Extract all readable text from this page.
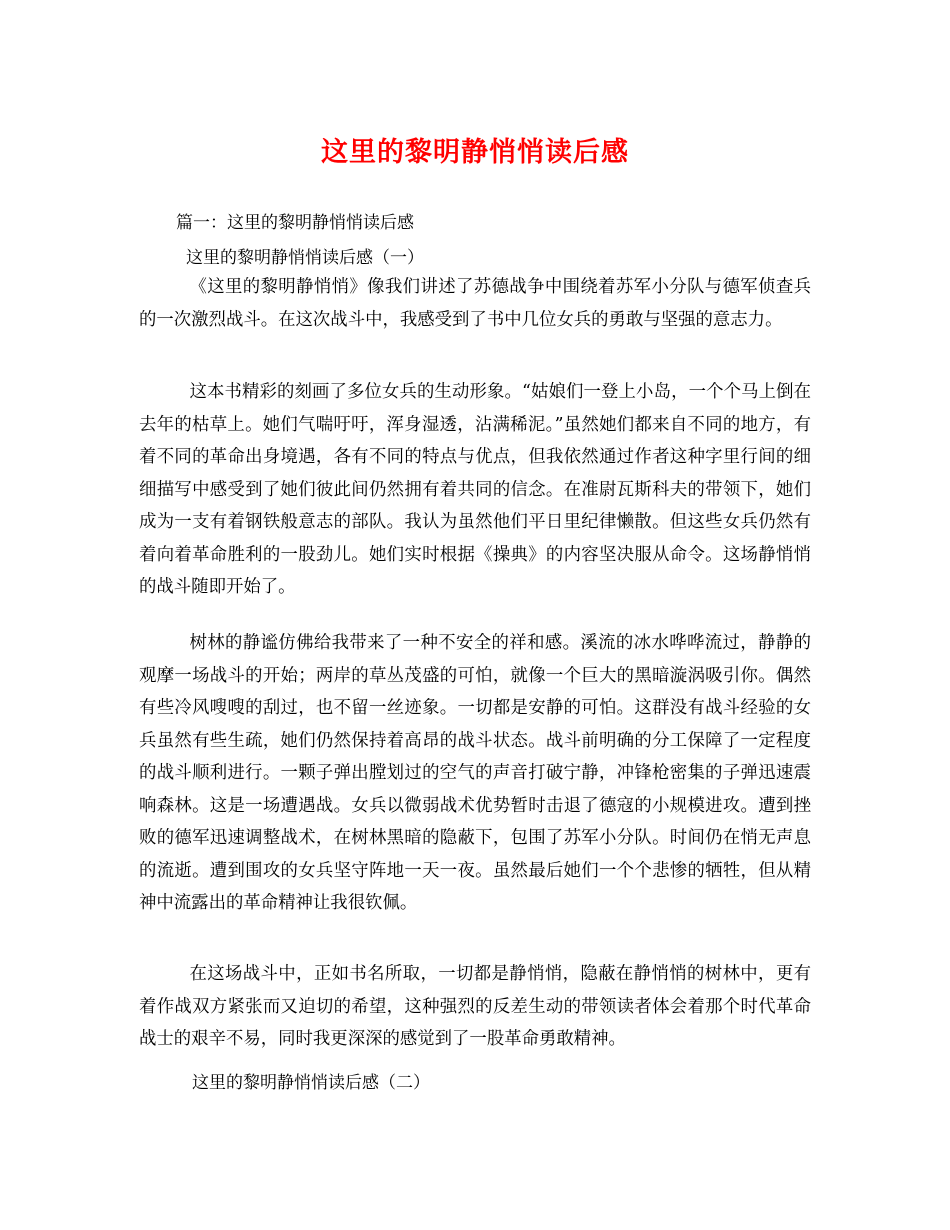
这里的黎明静悄悄读后感
篇一：这里的黎明静悄悄读后感
这里的黎明静悄悄读后感（一）
《这里的黎明静悄悄》像我们讲述了苏德战争中围绕着苏军小分队与德军侦查兵的一次激烈战斗。在这次战斗中，我感受到了书中几位女兵的勇敢与坚强的意志力。
这本书精彩的刻画了多位女兵的生动形象。“姑娘们一登上小岛，一个个马上倒在去年的枯草上。她们气喘吁吁，浑身湿透，沾满稀泥。”虽然她们都来自不同的地方，有着不同的革命出身境遇，各有不同的特点与优点，但我依然通过作者这种字里行间的细细描写中感受到了她们彼此间仍然拥有着共同的信念。在准尉瓦斯科夫的带领下，她们成为一支有着钢铁般意志的部队。我认为虽然他们平日里纪律懒散。但这些女兵仍然有着向着革命胜利的一股劲儿。她们实时根据《操典》的内容坚决服从命令。这场静悄悄的战斗随即开始了。
树林的静谧仿佛给我带来了一种不安全的祥和感。溪流的冰水哗哗流过，静静的观摩一场战斗的开始；两岸的草丛茂盛的可怕，就像一个巨大的黑暗漩涡吸引你。偶然有些冷风嗖嗖的刮过，也不留一丝迹象。一切都是安静的可怕。这群没有战斗经验的女兵虽然有些生疏，她们仍然保持着高昂的战斗状态。战斗前明确的分工保障了一定程度的战斗顺利进行。一颗子弹出膛划过的空气的声音打破宁静，冲锋枪密集的子弹迅速震响森林。这是一场遭遇战。女兵以微弱战术优势暂时击退了德寇的小规模进攻。遭到挫败的德军迅速调整战术，在树林黑暗的隐蔽下，包围了苏军小分队。时间仍在悄无声息的流逝。遭到围攻的女兵坚守阵地一天一夜。虽然最后她们一个个悲惨的牺牲，但从精神中流露出的革命精神让我很钦佩。
在这场战斗中，正如书名所取，一切都是静悄悄，隐蔽在静悄悄的树林中，更有着作战双方紧张而又迫切的希望，这种强烈的反差生动的带领读者体会着那个时代革命战士的艰辛不易，同时我更深深的感觉到了一股革命勇敢精神。
这里的黎明静悄悄读后感（二）
